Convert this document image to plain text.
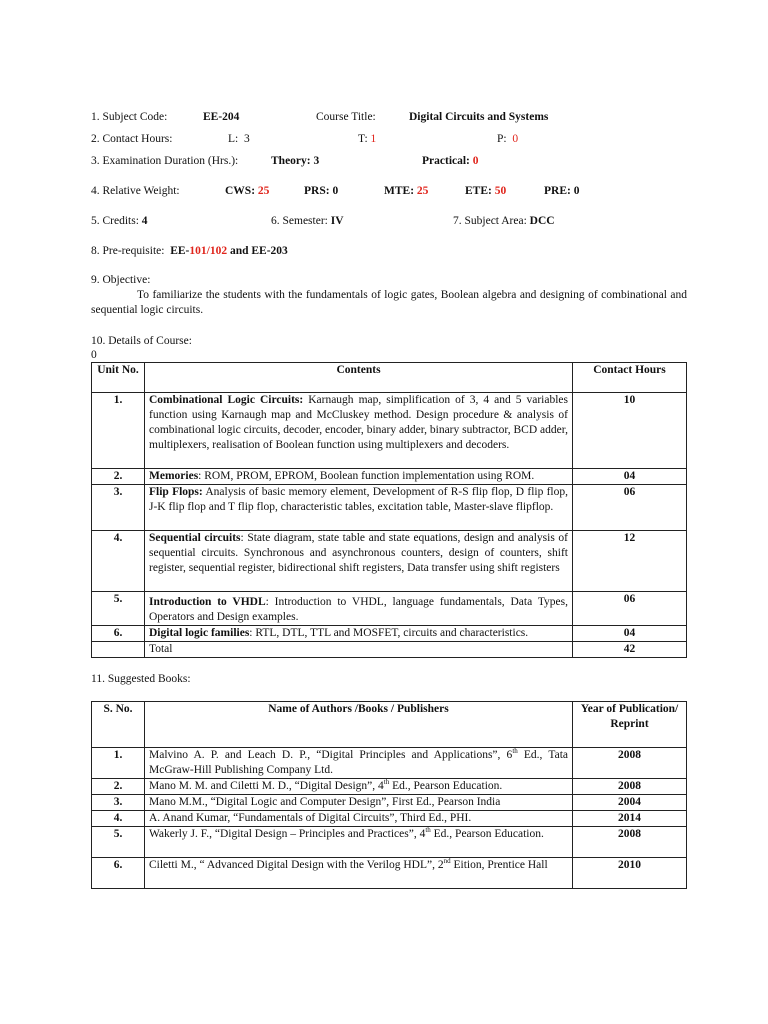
1. Subject Code:	EE-204	Course Title:	Digital Circuits and Systems
2. Contact Hours:	L: 3	T: 1	P: 0
3. Examination Duration (Hrs.):	Theory: 3	Practical: 0
4. Relative Weight:	CWS: 25	PRS: 0	MTE: 25	ETE: 50	PRE: 0
5. Credits: 4	6. Semester: IV	7. Subject Area: DCC
8. Pre-requisite: EE-101/102 and EE-203
9. Objective:
To familiarize the students with the fundamentals of logic gates, Boolean algebra and designing of combinational and sequential logic circuits.
10. Details of Course:
0
Unit No.	Contents	Contact Hours
1.	Combinational Logic Circuits: Karnaugh map, simplification of 3, 4 and 5 variables function using Karnaugh map and McCluskey method. Design procedure & analysis of combinational logic circuits, decoder, encoder, binary adder, binary subtractor, BCD adder, multiplexers, realisation of Boolean function using multiplexers and decoders.	10
2.	Memories: ROM, PROM, EPROM, Boolean function implementation using ROM.	04
3.	Flip Flops: Analysis of basic memory element, Development of R-S flip flop, D flip flop, J-K flip flop and T flip flop, characteristic tables, excitation table, Master-slave flipflop.	06
4.	Sequential circuits: State diagram, state table and state equations, design and analysis of sequential circuits. Synchronous and asynchronous counters, design of counters, shift register, sequential register, bidirectional shift registers, Data transfer using shift registers	12
5.	Introduction to VHDL: Introduction to VHDL, language fundamentals, Data Types, Operators and Design examples.	06
6.	Digital logic families: RTL, DTL, TTL and MOSFET, circuits and characteristics.	04
	Total	42
11. Suggested Books:
S. No.	Name of Authors /Books / Publishers	Year of Publication/ Reprint
1.	Malvino A. P. and Leach D. P., “Digital Principles and Applications”, 6th Ed., Tata McGraw-Hill Publishing Company Ltd.	2008
2.	Mano M. M. and Ciletti M. D., “Digital Design”, 4th Ed., Pearson Education.	2008
3.	Mano M.M., “Digital Logic and Computer Design”, First Ed., Pearson India	2004
4.	A. Anand Kumar, “Fundamentals of Digital Circuits”, Third Ed., PHI.	2014
5.	Wakerly J. F., “Digital Design – Principles and Practices”, 4th Ed., Pearson Education.	2008
6.	Ciletti M., “ Advanced Digital Design with the Verilog HDL”, 2nd Eition, Prentice Hall	2010
